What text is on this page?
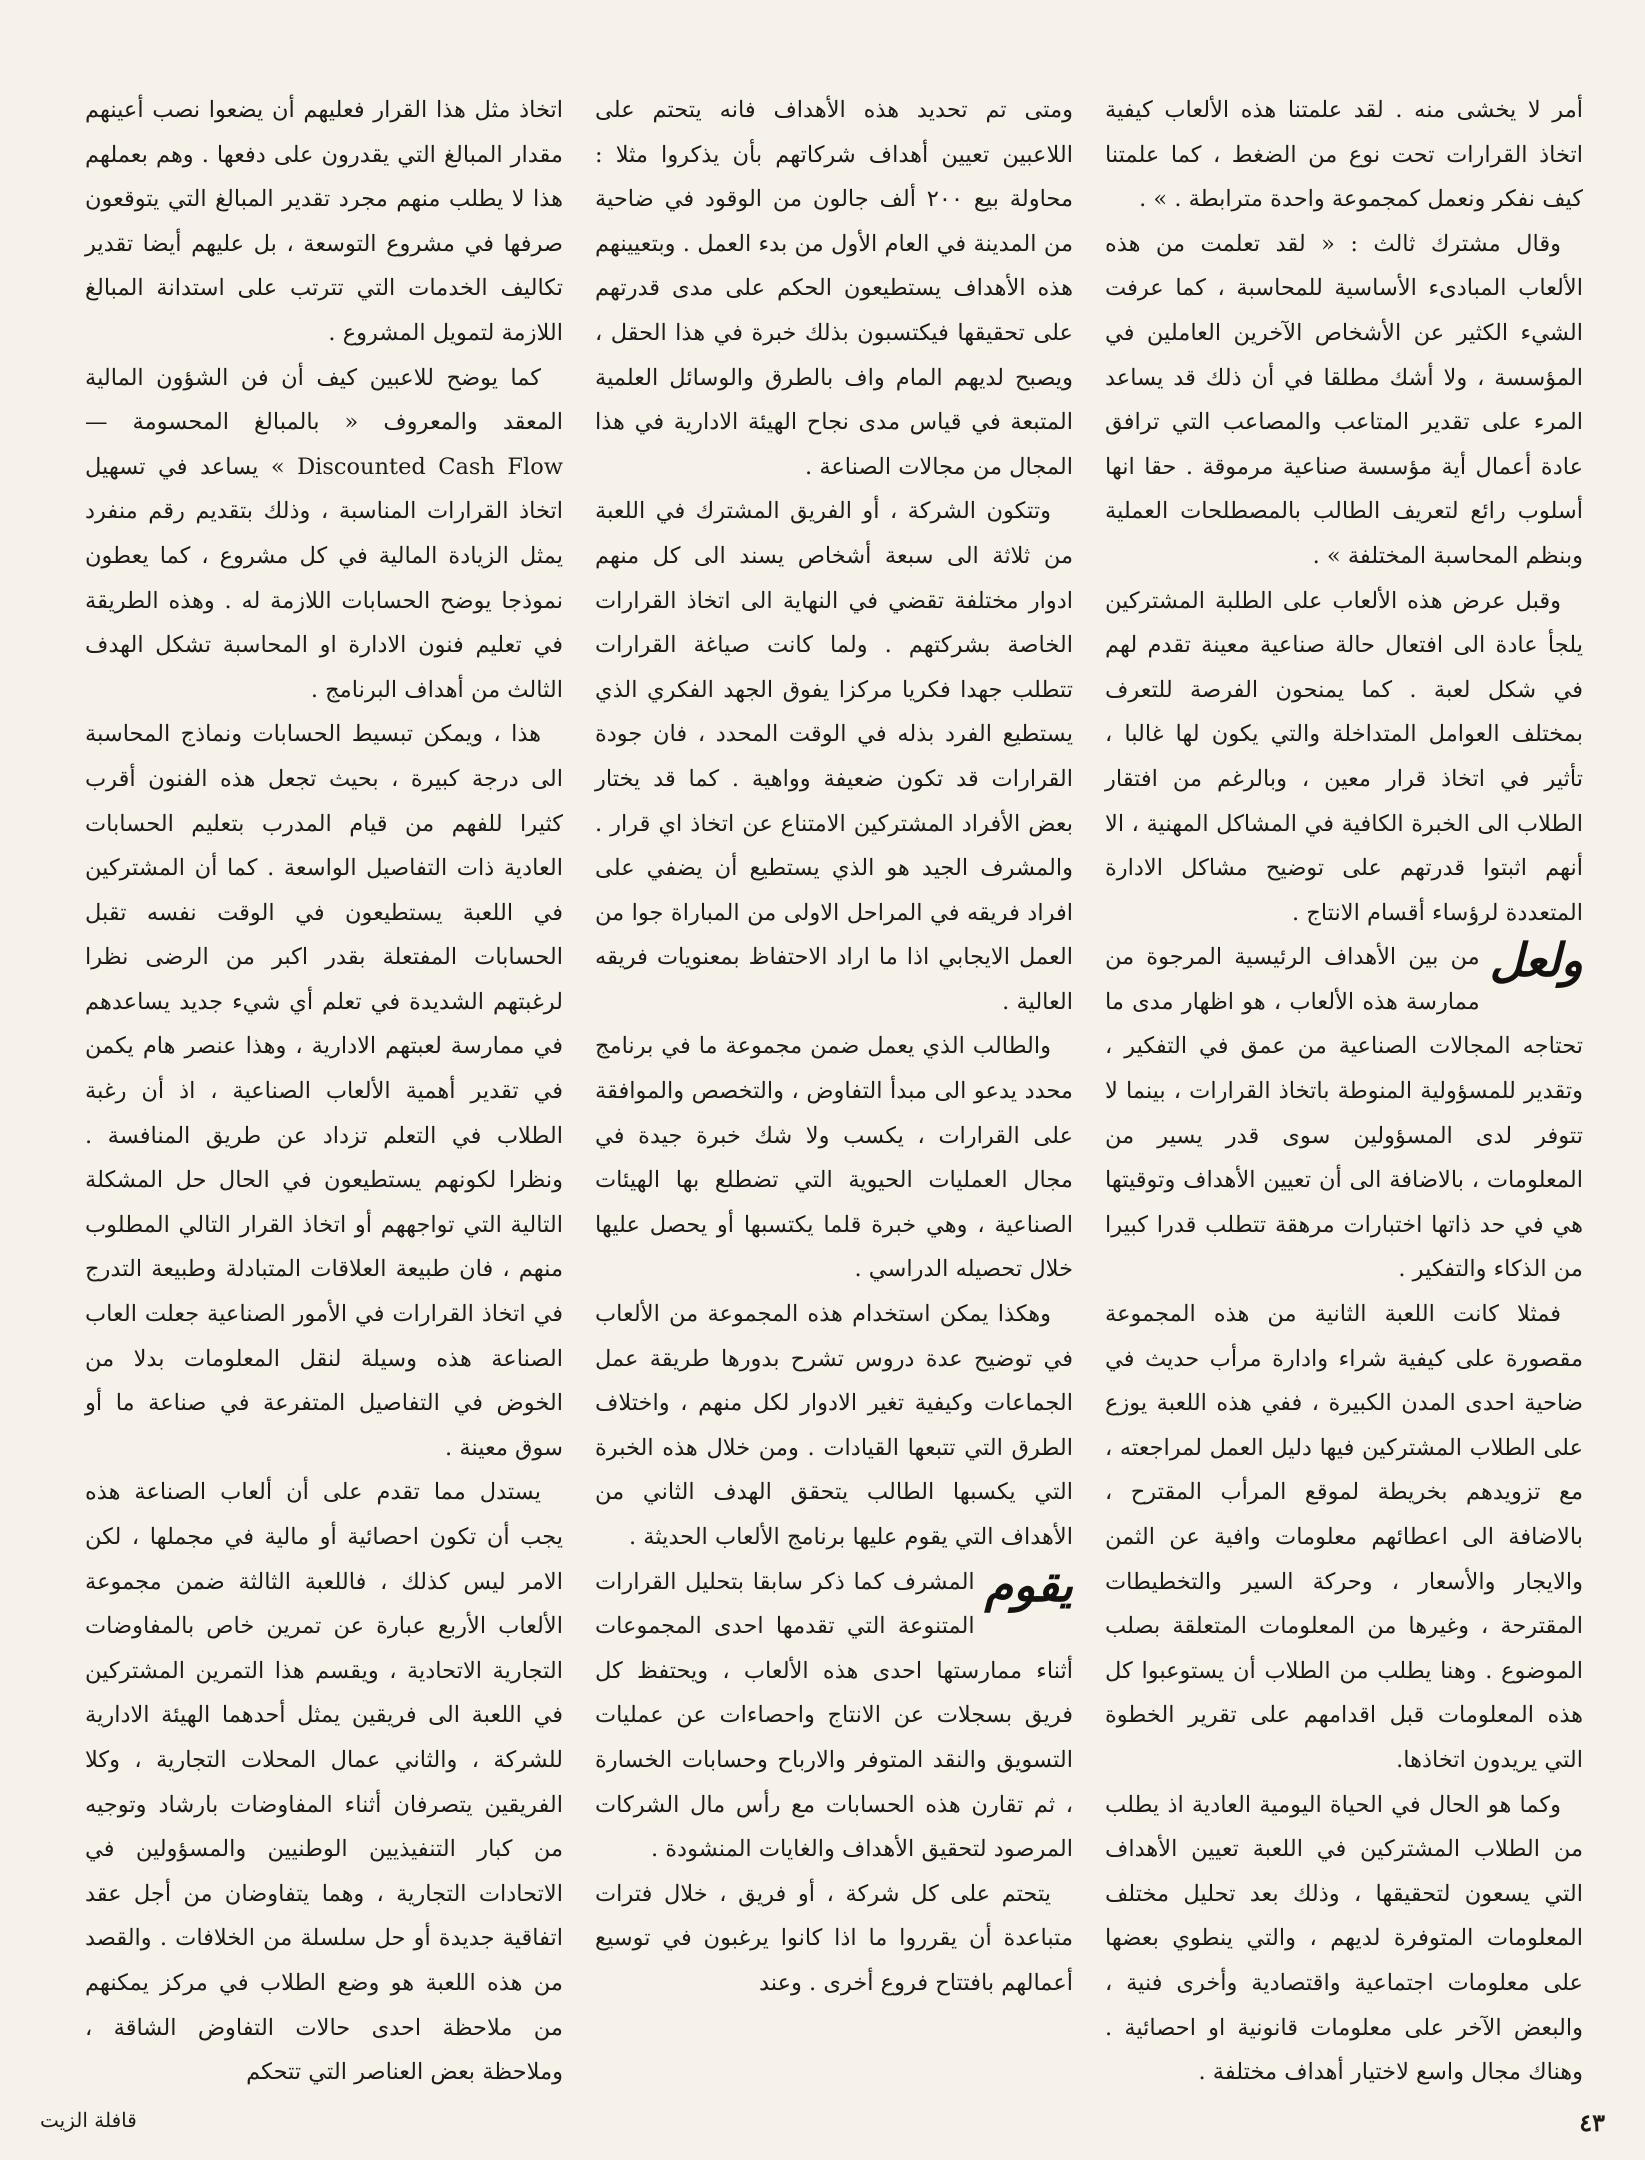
أمر لا يخشى منه . لقد علمتنا هذه الألعاب كيفية اتخاذ القرارات تحت نوع من الضغط ، كما علمتنا كيف نفكر ونعمل كمجموعة واحدة مترابطة . » .

وقال مشترك ثالث : « لقد تعلمت من هذه الألعاب المبادىء الأساسية للمحاسبة ، كما عرفت الشيء الكثير عن الأشخاص الآخرين العاملين في المؤسسة ، ولا أشك مطلقا في أن ذلك قد يساعد المرء على تقدير المتاعب والمصاعب التي ترافق عادة أعمال أية مؤسسة صناعية مرموقة . حقا انها أسلوب رائع لتعريف الطالب بالمصطلحات العملية وبنظم المحاسبة المختلفة » .

وقبل عرض هذه الألعاب على الطلبة المشتركين يلجأ عادة الى افتعال حالة صناعية معينة تقدم لهم في شكل لعبة . كما يمنحون الفرصة للتعرف بمختلف العوامل المتداخلة والتي يكون لها غالبا ، تأثير في اتخاذ قرار معين ، وبالرغم من افتقار الطلاب الى الخبرة الكافية في المشاكل المهنية ، الا أنهم اثبتوا قدرتهم على توضيح مشاكل الادارة المتعددة لرؤساء أقسام الانتاج .

ولعل
من بين الأهداف الرئيسية المرجوة من ممارسة هذه الألعاب ، هو اظهار مدى ما تحتاجه المجالات الصناعية من عمق في التفكير ، وتقدير للمسؤولية المنوطة باتخاذ القرارات ، بينما لا تتوفر لدى المسؤولين سوى قدر يسير من المعلومات ، بالاضافة الى أن تعيين الأهداف وتوقيتها هي في حد ذاتها اختبارات مرهقة تتطلب قدرا كبيرا من الذكاء والتفكير .

فمثلا كانت اللعبة الثانية من هذه المجموعة مقصورة على كيفية شراء وادارة مرأب حديث في ضاحية احدى المدن الكبيرة ، ففي هذه اللعبة يوزع على الطلاب المشتركين فيها دليل العمل لمراجعته ، مع تزويدهم بخريطة لموقع المرأب المقترح ، بالاضافة الى اعطائهم معلومات وافية عن الثمن والايجار والأسعار ، وحركة السير والتخطيطات المقترحة ، وغيرها من المعلومات المتعلقة بصلب الموضوع . وهنا يطلب من الطلاب أن يستوعبوا كل هذه المعلومات قبل اقدامهم على تقرير الخطوة التي يريدون اتخاذها.

وكما هو الحال في الحياة اليومية العادية اذ يطلب من الطلاب المشتركين في اللعبة تعيين الأهداف التي يسعون لتحقيقها ، وذلك بعد تحليل مختلف المعلومات المتوفرة لديهم ، والتي ينطوي بعضها على معلومات اجتماعية واقتصادية وأخرى فنية ، والبعض الآخر على معلومات قانونية او احصائية . وهناك مجال واسع لاختيار أهداف مختلفة .

ومتى تم تحديد هذه الأهداف فانه يتحتم على اللاعبين تعيين أهداف شركاتهم بأن يذكروا مثلا : محاولة بيع ٢٠٠ ألف جالون من الوقود في ضاحية من المدينة في العام الأول من بدء العمل . وبتعيينهم هذه الأهداف يستطيعون الحكم على مدى قدرتهم على تحقيقها فيكتسبون بذلك خبرة في هذا الحقل ، ويصبح لديهم المام واف بالطرق والوسائل العلمية المتبعة في قياس مدى نجاح الهيئة الادارية في هذا المجال من مجالات الصناعة .

وتتكون الشركة ، أو الفريق المشترك في اللعبة من ثلاثة الى سبعة أشخاص يسند الى كل منهم ادوار مختلفة تقضي في النهاية الى اتخاذ القرارات الخاصة بشركتهم . ولما كانت صياغة القرارات تتطلب جهدا فكريا مركزا يفوق الجهد الفكري الذي يستطيع الفرد بذله في الوقت المحدد ، فان جودة القرارات قد تكون ضعيفة وواهية . كما قد يختار بعض الأفراد المشتركين الامتناع عن اتخاذ اي قرار . والمشرف الجيد هو الذي يستطيع أن يضفي على افراد فريقه في المراحل الاولى من المباراة جوا من العمل الايجابي اذا ما اراد الاحتفاظ بمعنويات فريقه العالية .

والطالب الذي يعمل ضمن مجموعة ما في برنامج محدد يدعو الى مبدأ التفاوض ، والتخصص والموافقة على القرارات ، يكسب ولا شك خبرة جيدة في مجال العمليات الحيوية التي تضطلع بها الهيئات الصناعية ، وهي خبرة قلما يكتسبها أو يحصل عليها خلال تحصيله الدراسي .

وهكذا يمكن استخدام هذه المجموعة من الألعاب في توضيح عدة دروس تشرح بدورها طريقة عمل الجماعات وكيفية تغير الادوار لكل منهم ، واختلاف الطرق التي تتبعها القيادات . ومن خلال هذه الخبرة التي يكسبها الطالب يتحقق الهدف الثاني من الأهداف التي يقوم عليها برنامج الألعاب الحديثة .

يقوم
المشرف كما ذكر سابقا بتحليل القرارات المتنوعة التي تقدمها احدى المجموعات أثناء ممارستها احدى هذه الألعاب ، ويحتفظ كل فريق بسجلات عن الانتاج واحصاءات عن عمليات التسويق والنقد المتوفر والارباح وحسابات الخسارة ، ثم تقارن هذه الحسابات مع رأس مال الشركات المرصود لتحقيق الأهداف والغايات المنشودة .

يتحتم على كل شركة ، أو فريق ، خلال فترات متباعدة أن يقرروا ما اذا كانوا يرغبون في توسيع أعمالهم بافتتاح فروع أخرى . وعند

اتخاذ مثل هذا القرار فعليهم أن يضعوا نصب أعينهم مقدار المبالغ التي يقدرون على دفعها . وهم بعملهم هذا لا يطلب منهم مجرد تقدير المبالغ التي يتوقعون صرفها في مشروع التوسعة ، بل عليهم أيضا تقدير تكاليف الخدمات التي تترتب على استدانة المبالغ اللازمة لتمويل المشروع .

كما يوضح للاعبين كيف أن فن الشؤون المالية المعقد والمعروف « بالمبالغ المحسومة — Discounted Cash Flow » يساعد في تسهيل اتخاذ القرارات المناسبة ، وذلك بتقديم رقم منفرد يمثل الزيادة المالية في كل مشروع ، كما يعطون نموذجا يوضح الحسابات اللازمة له . وهذه الطريقة في تعليم فنون الادارة او المحاسبة تشكل الهدف الثالث من أهداف البرنامج .

هذا ، ويمكن تبسيط الحسابات ونماذج المحاسبة الى درجة كبيرة ، بحيث تجعل هذه الفنون أقرب كثيرا للفهم من قيام المدرب بتعليم الحسابات العادية ذات التفاصيل الواسعة . كما أن المشتركين في اللعبة يستطيعون في الوقت نفسه تقبل الحسابات المفتعلة بقدر اكبر من الرضى نظرا لرغبتهم الشديدة في تعلم أي شيء جديد يساعدهم في ممارسة لعبتهم الادارية ، وهذا عنصر هام يكمن في تقدير أهمية الألعاب الصناعية ، اذ أن رغبة الطلاب في التعلم تزداد عن طريق المنافسة . ونظرا لكونهم يستطيعون في الحال حل المشكلة التالية التي تواجههم أو اتخاذ القرار التالي المطلوب منهم ، فان طبيعة العلاقات المتبادلة وطبيعة التدرج في اتخاذ القرارات في الأمور الصناعية جعلت العاب الصناعة هذه وسيلة لنقل المعلومات بدلا من الخوض في التفاصيل المتفرعة في صناعة ما أو سوق معينة .

يستدل مما تقدم على أن ألعاب الصناعة هذه يجب أن تكون احصائية أو مالية في مجملها ، لكن الامر ليس كذلك ، فاللعبة الثالثة ضمن مجموعة الألعاب الأربع عبارة عن تمرين خاص بالمفاوضات التجارية الاتحادية ، ويقسم هذا التمرين المشتركين في اللعبة الى فريقين يمثل أحدهما الهيئة الادارية للشركة ، والثاني عمال المحلات التجارية ، وكلا الفريقين يتصرفان أثناء المفاوضات بارشاد وتوجيه من كبار التنفيذيين الوطنيين والمسؤولين في الاتحادات التجارية ، وهما يتفاوضان من أجل عقد اتفاقية جديدة أو حل سلسلة من الخلافات . والقصد من هذه اللعبة هو وضع الطلاب في مركز يمكنهم من ملاحظة احدى حالات التفاوض الشاقة ، وملاحظة بعض العناصر التي تتحكم

٤٣
قافلة الزيت
